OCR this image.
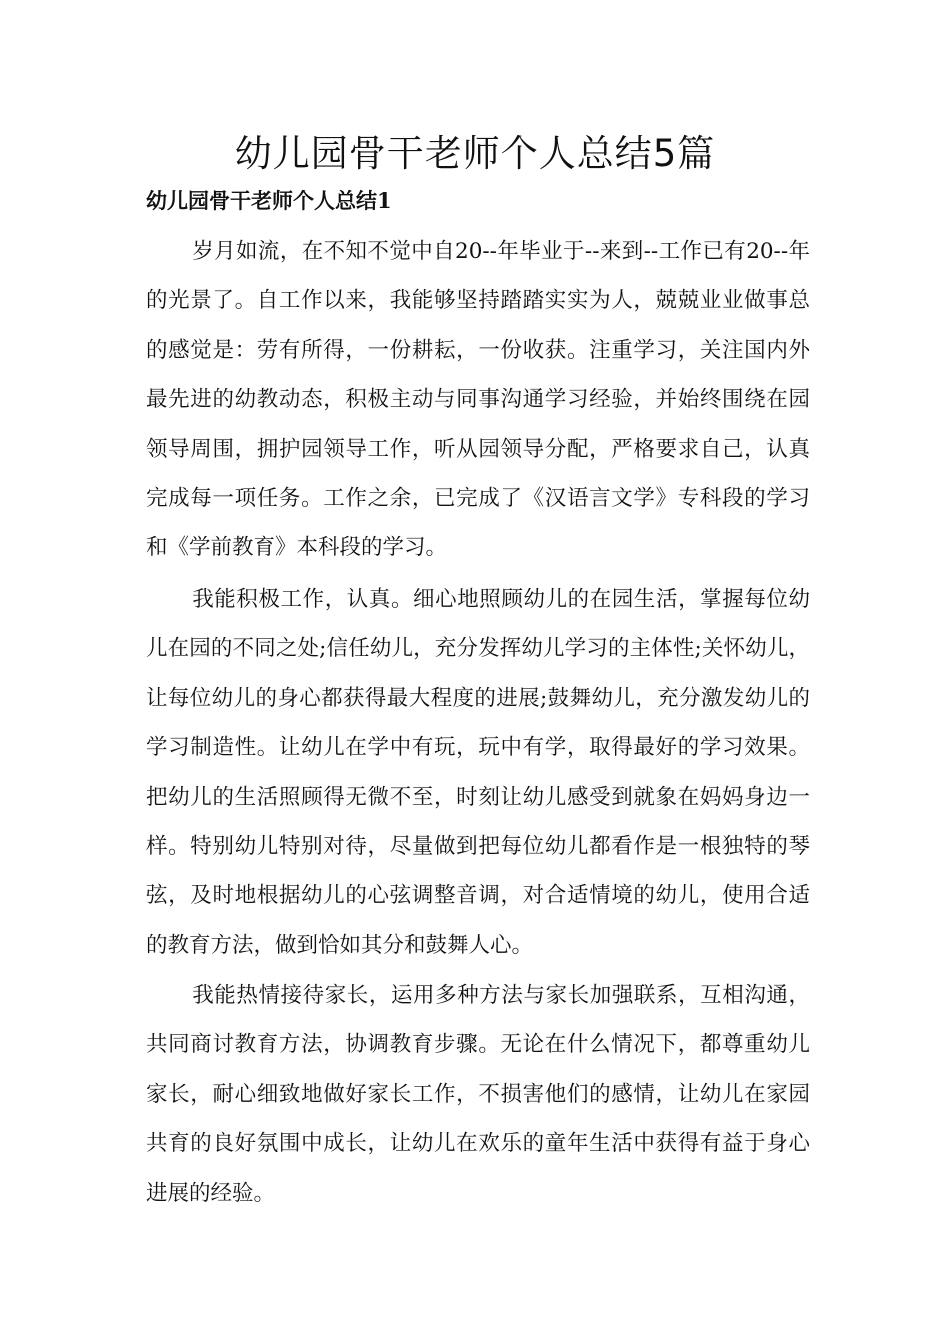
幼儿园骨干老师个人总结5篇
幼儿园骨干老师个人总结1

岁月如流，在不知不觉中自20--年毕业于--来到--工作已有20--年的光景了。自工作以来，我能够坚持踏踏实实为人，兢兢业业做事总的感觉是：劳有所得，一份耕耘，一份收获。注重学习，关注国内外最先进的幼教动态，积极主动与同事沟通学习经验，并始终围绕在园领导周围，拥护园领导工作，听从园领导分配，严格要求自己，认真完成每一项任务。工作之余，已完成了《汉语言文学》专科段的学习和《学前教育》本科段的学习。

我能积极工作，认真。细心地照顾幼儿的在园生活，掌握每位幼儿在园的不同之处;信任幼儿，充分发挥幼儿学习的主体性;关怀幼儿，让每位幼儿的身心都获得最大程度的进展;鼓舞幼儿，充分激发幼儿的学习制造性。让幼儿在学中有玩，玩中有学，取得最好的学习效果。把幼儿的生活照顾得无微不至，时刻让幼儿感受到就象在妈妈身边一样。特别幼儿特别对待，尽量做到把每位幼儿都看作是一根独特的琴弦，及时地根据幼儿的心弦调整音调，对合适情境的幼儿，使用合适的教育方法，做到恰如其分和鼓舞人心。

我能热情接待家长，运用多种方法与家长加强联系，互相沟通，共同商讨教育方法，协调教育步骤。无论在什么情况下，都尊重幼儿家长，耐心细致地做好家长工作，不损害他们的感情，让幼儿在家园共育的良好氛围中成长，让幼儿在欢乐的童年生活中获得有益于身心进展的经验。
